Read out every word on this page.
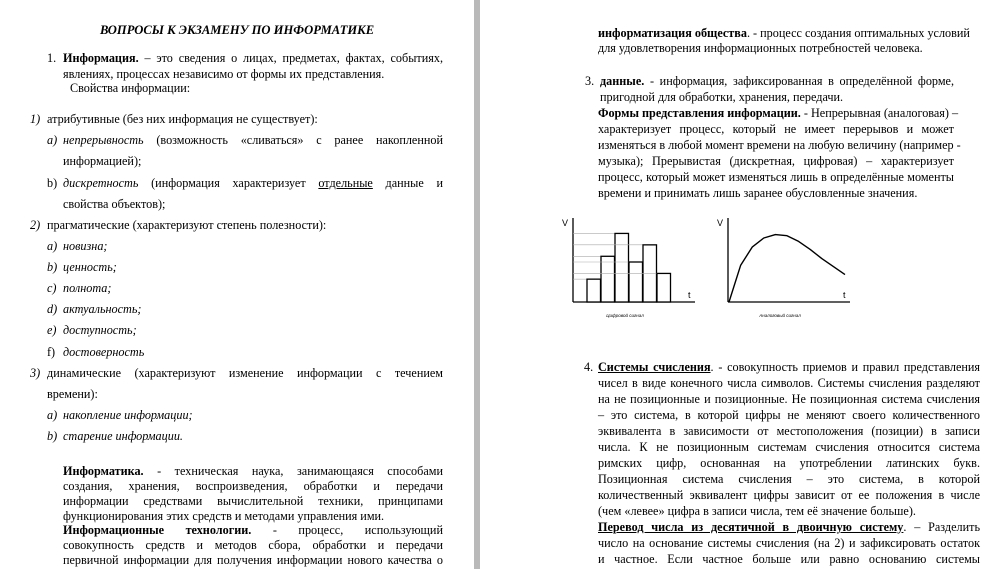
ВОПРОСЫ К ЭКЗАМЕНУ ПО ИНФОРМАТИКЕ
1. Информация. – это сведения о лицах, предметах, фактах, событиях,
явлениях, процессах независимо от формы их представления.
Свойства информации:
1) атрибутивные (без них информация не существует):
a) непрерывность (возможность «сливаться» с ранее накопленной
информацией);
b) дискретность (информация характеризует отдельные данные и
свойства объектов);
2) прагматические (характеризуют степень полезности):
a) новизна;
b) ценность;
c) полнота;
d) актуальность;
e) доступность;
f) достоверность
3) динамические (характеризуют изменение информации с течением
времени):
a) накопление информации;
b) старение информации.
Информатика. - техническая наука, занимающаяся способами
создания, хранения, воспроизведения, обработки и передачи
информации средствами вычислительной техники, принципами
функционирования этих средств и методами управления ими.
Информационные технологии. - процесс, использующий
совокупность средств и методов сбора, обработки и передачи
первичной информации для получения информации нового качества о
информатизация общества. - процесс создания оптимальных условий
для удовлетворения информационных потребностей человека.
3. данные. - информация, зафиксированная в определённой форме,
пригодной для обработки, хранения, передачи.
Формы представления информации. - Непрерывная (аналоговая) –
характеризует процесс, который не имеет перерывов и может
изменяться в любой момент времени на любую величину (например -
музыка); Прерывистая (дискретная, цифровая) – характеризует
процесс, который может изменяться лишь в определённые моменты
времени и принимать лишь заранее обусловленные значения.
V
t
Цифровой сигнал
V
t
Аналоговый сигнал
4. Системы счисления. - совокупность приемов и правил представления
чисел в виде конечного числа символов. Системы счисления разделяют
на не позиционные и позиционные. Не позиционная система счисления
– это система, в которой цифры не меняют своего количественного
эквивалента в зависимости от местоположения (позиции) в записи
числа. К не позиционным системам счисления относится система
римских цифр, основанная на употреблении латинских букв.
Позиционная система счисления – это система, в которой
количественный эквивалент цифры зависит от ее положения в числе
(чем «левее» цифра в записи числа, тем её значение больше).
Перевод числа из десятичной в двоичную систему. – Разделить
число на основание системы счисления (на 2) и зафиксировать остаток
и частное. Если частное больше или равно основанию системы
